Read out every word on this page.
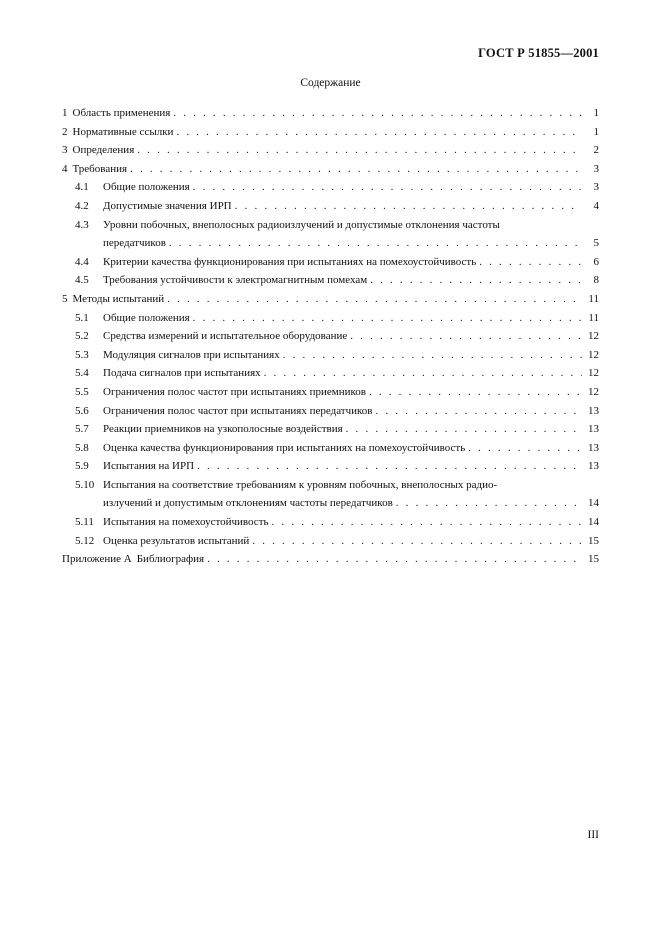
ГОСТ Р 51855—2001
Содержание
1 Область применения . . .	1
2 Нормативные ссылки . . .	1
3 Определения . . .	2
4 Требования . . .	3
4.1	Общие положения . . .	3
4.2	Допустимые значения ИРП . . .	4
4.3	Уровни побочных, внеполосных радиоизлучений и допустимые отклонения частоты
передатчиков . . .	5
4.4	Критерии качества функционирования при испытаниях на помехоустойчивость . . .	6
4.5	Требования устойчивости к электромагнитным помехам . . .	8
5 Методы испытаний . . .	11
5.1	Общие положения . . .	11
5.2	Средства измерений и испытательное оборудование . . .	12
5.3	Модуляция сигналов при испытаниях . . .	12
5.4	Подача сигналов при испытаниях . . .	12
5.5	Ограничения полос частот при испытаниях приемников . . .	12
5.6	Ограничения полос частот при испытаниях передатчиков . . .	13
5.7	Реакции приемников на узкополосные воздействия . . .	13
5.8	Оценка качества функционирования при испытаниях на помехоустойчивость . . .	13
5.9	Испытания на ИРП . . .	13
5.10 Испытания на соответствие требованиям к уровням побочных, внеполосных радио-
излучений и допустимым отклонениям частоты передатчиков . . .	14
5.11 Испытания на помехоустойчивость . . .	14
5.12 Оценка результатов испытаний . . .	15
Приложение А Библиография . . .	15
III
